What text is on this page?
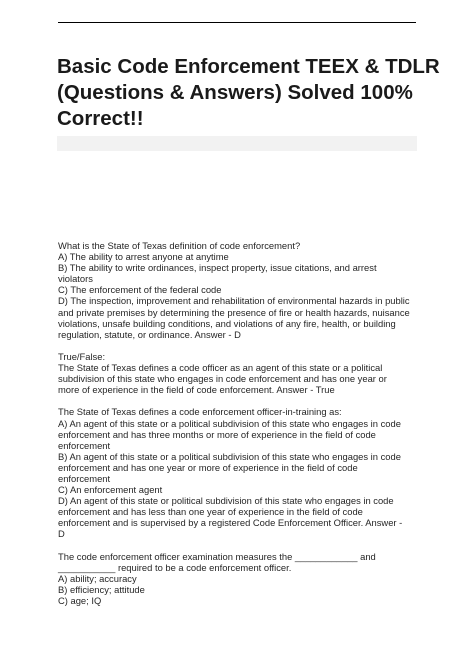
Basic Code Enforcement TEEX & TDLR
(Questions & Answers) Solved 100%
Correct!!
What is the State of Texas definition of code enforcement?
A) The ability to arrest anyone at anytime
B) The ability to write ordinances, inspect property, issue citations, and arrest
violators
C) The enforcement of the federal code
D) The inspection, improvement and rehabilitation of environmental hazards in public
and private premises by determining the presence of fire or health hazards, nuisance
violations, unsafe building conditions, and violations of any fire, health, or building
regulation, statute, or ordinance. Answer - D
True/False:
The State of Texas defines a code officer as an agent of this state or a political
subdivision of this state who engages in code enforcement and has one year or
more of experience in the field of code enforcement. Answer - True
The State of Texas defines a code enforcement officer-in-training as:
A) An agent of this state or a political subdivision of this state who engages in code
enforcement and has three months or more of experience in the field of code
enforcement
B) An agent of this state or a political subdivision of this state who engages in code
enforcement and has one year or more of experience in the field of code
enforcement
C) An enforcement agent
D) An agent of this state or political subdivision of this state who engages in code
enforcement and has less than one year of experience in the field of code
enforcement and is supervised by a registered Code Enforcement Officer. Answer -
D
The code enforcement officer examination measures the ____________ and
___________ required to be a code enforcement officer.
A) ability; accuracy
B) efficiency; attitude
C) age; IQ
